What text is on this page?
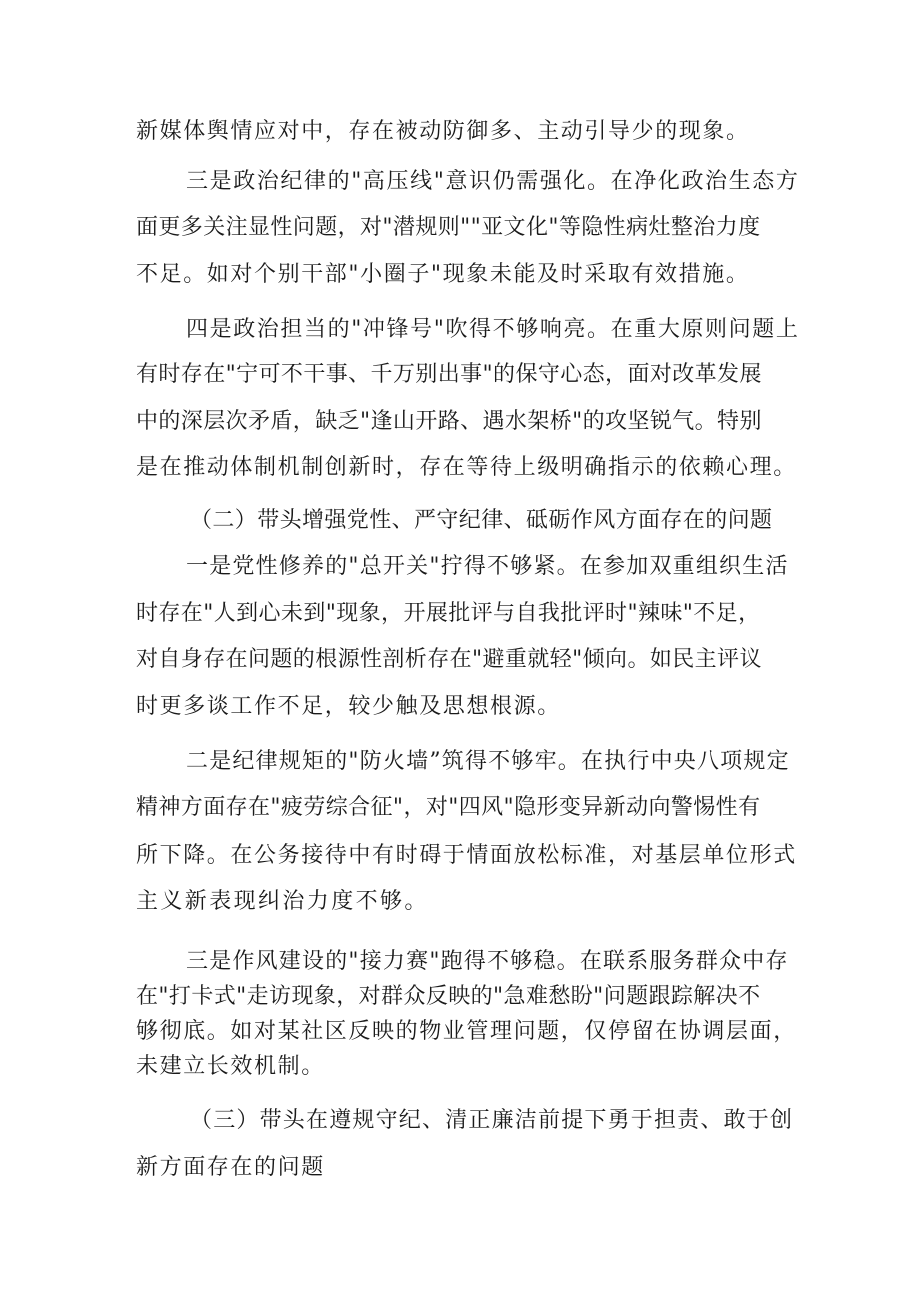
新媒体舆情应对中，存在被动防御多、主动引导少的现象。
三是政治纪律的"高压线"意识仍需强化。在净化政治生态方
面更多关注显性问题，对"潜规则""亚文化"等隐性病灶整治力度
不足。如对个别干部"小圈子"现象未能及时采取有效措施。
四是政治担当的"冲锋号"吹得不够响亮。在重大原则问题上
有时存在"宁可不干事、千万别出事"的保守心态，面对改革发展
中的深层次矛盾，缺乏"逢山开路、遇水架桥"的攻坚锐气。特别
是在推动体制机制创新时，存在等待上级明确指示的依赖心理。
（二）带头增强党性、严守纪律、砥砺作风方面存在的问题
一是党性修养的"总开关"拧得不够紧。在参加双重组织生活
时存在"人到心未到"现象，开展批评与自我批评时"辣味"不足，
对自身存在问题的根源性剖析存在"避重就轻"倾向。如民主评议
时更多谈工作不足，较少触及思想根源。
二是纪律规矩的"防火墙”筑得不够牢。在执行中央八项规定
精神方面存在"疲劳综合征"，对"四风"隐形变异新动向警惕性有
所下降。在公务接待中有时碍于情面放松标准，对基层单位形式
主义新表现纠治力度不够。
三是作风建设的"接力赛"跑得不够稳。在联系服务群众中存
在"打卡式"走访现象，对群众反映的"急难愁盼"问题跟踪解决不
够彻底。如对某社区反映的物业管理问题，仅停留在协调层面，
未建立长效机制。
（三）带头在遵规守纪、清正廉洁前提下勇于担责、敢于创
新方面存在的问题
